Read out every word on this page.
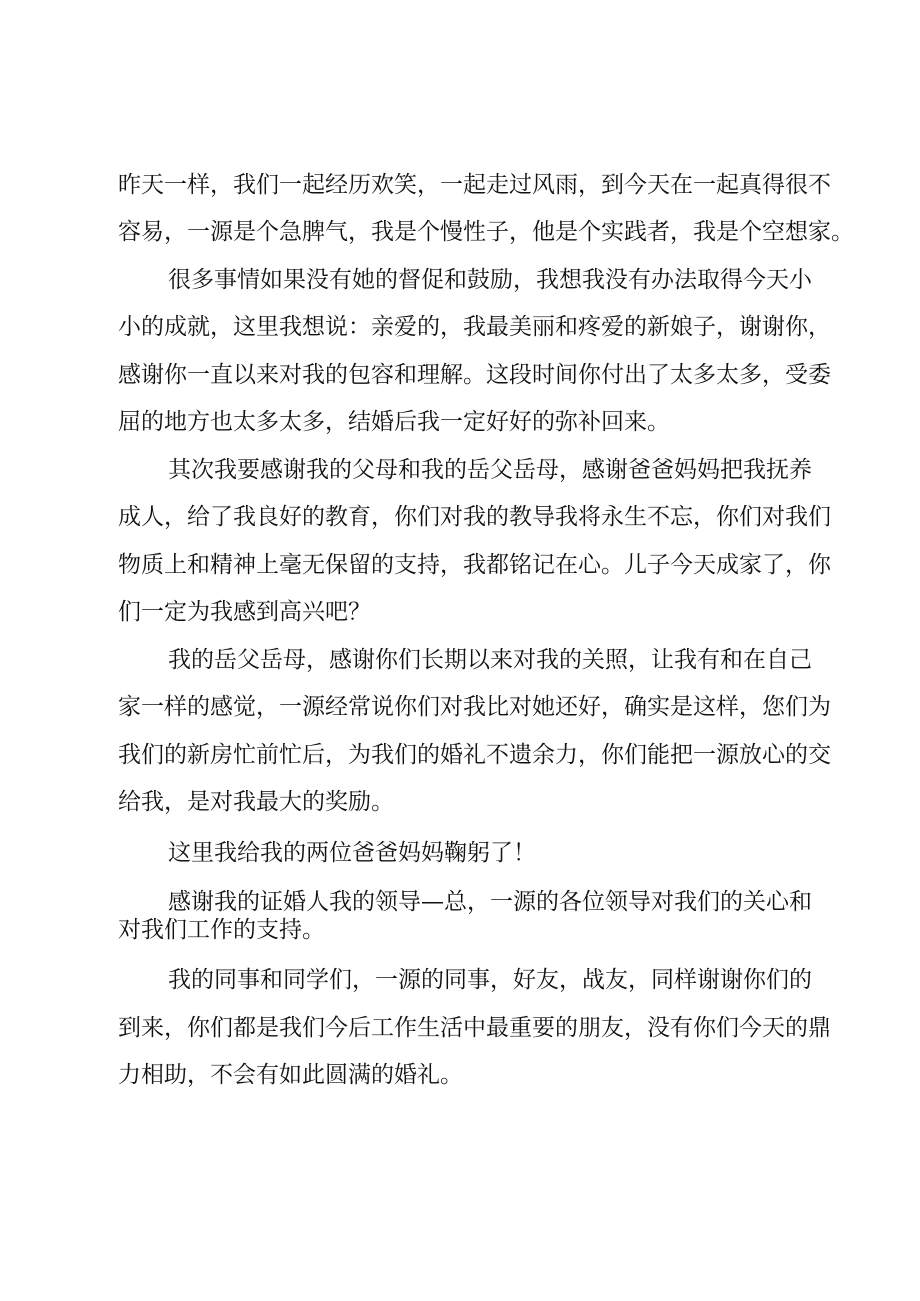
昨天一样，我们一起经历欢笑，一起走过风雨，到今天在一起真得很不

容易，一源是个急脾气，我是个慢性子，他是个实践者，我是个空想家。

很多事情如果没有她的督促和鼓励，我想我没有办法取得今天小

小的成就，这里我想说：亲爱的，我最美丽和疼爱的新娘子，谢谢你，

感谢你一直以来对我的包容和理解。这段时间你付出了太多太多，受委

屈的地方也太多太多，结婚后我一定好好的弥补回来。

其次我要感谢我的父母和我的岳父岳母，感谢爸爸妈妈把我抚养

成人，给了我良好的教育，你们对我的教导我将永生不忘，你们对我们

物质上和精神上毫无保留的支持，我都铭记在心。儿子今天成家了，你

们一定为我感到高兴吧？

我的岳父岳母，感谢你们长期以来对我的关照，让我有和在自己

家一样的感觉，一源经常说你们对我比对她还好，确实是这样，您们为

我们的新房忙前忙后，为我们的婚礼不遗余力，你们能把一源放心的交

给我，是对我最大的奖励。

这里我给我的两位爸爸妈妈鞠躬了！

感谢我的证婚人我的领导—总，一源的各位领导对我们的关心和

对我们工作的支持。

我的同事和同学们，一源的同事，好友，战友，同样谢谢你们的

到来，你们都是我们今后工作生活中最重要的朋友，没有你们今天的鼎

力相助，不会有如此圆满的婚礼。
